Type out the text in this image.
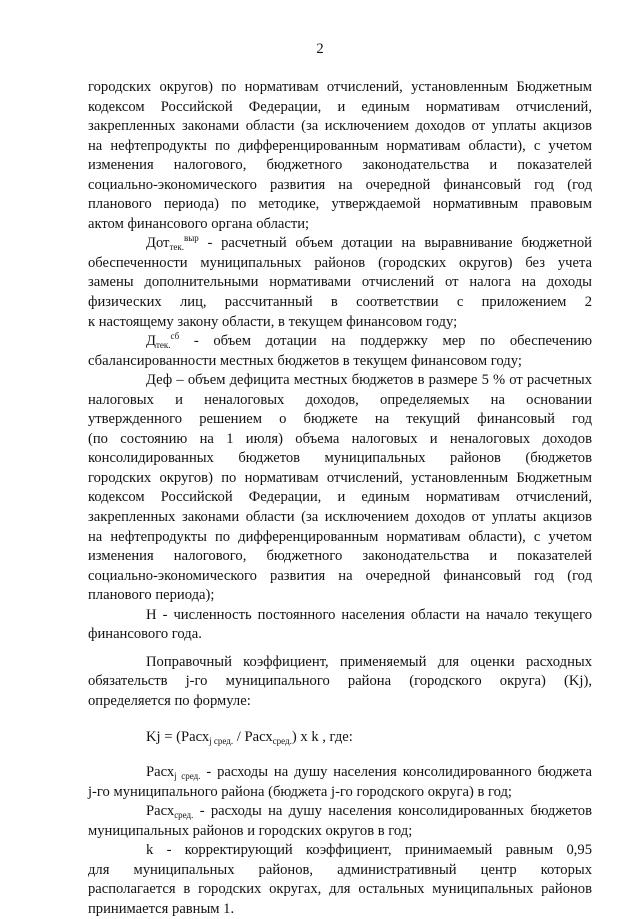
2

городских округов) по нормативам отчислений, установленным Бюджетным

кодексом Российской Федерации, и единым нормативам отчислений,

закрепленных законами области (за исключением доходов от уплаты акцизов

на нефтепродукты по дифференцированным нормативам области), с учетом

изменения налогового, бюджетного законодательства и показателей

социально-экономического развития на очередной финансовый год (год

планового периода) по методике, утверждаемой нормативным правовым

актом финансового органа области;

Дот$_{тек.}^{выр}$ - расчетный объем дотации на выравнивание бюджетной

обеспеченности муниципальных районов (городских округов) без учета

замены дополнительными нормативами отчислений от налога на доходы

физических лиц, рассчитанный в соответствии с приложением 2

к настоящему закону области, в текущем финансовом году;

$Д_{тек.}^{сб}$ - объем дотации на поддержку мер по обеспечению

сбалансированности местных бюджетов в текущем финансовом году;

Деф – объем дефицита местных бюджетов в размере 5 % от расчетных

налоговых и неналоговых доходов, определяемых на основании

утвержденного решением о бюджете на текущий финансовый год

(по состоянию на 1 июля) объема налоговых и неналоговых доходов

консолидированных бюджетов муниципальных районов (бюджетов

городских округов) по нормативам отчислений, установленным Бюджетным

кодексом Российской Федерации, и единым нормативам отчислений,

закрепленных законами области (за исключением доходов от уплаты акцизов

на нефтепродукты по дифференцированным нормативам области), с учетом

изменения налогового, бюджетного законодательства и показателей

социально-экономического развития на очередной финансовый год (год

планового периода);

Н - численность постоянного населения области на начало текущего

финансового года.

Поправочный коэффициент, применяемый для оценки расходных

обязательств j-го муниципального района (городского округа) (Kj),

определяется по формуле:

Kj = (Расх$_{j сред.}$ / Расх$_{сред.}$) x k , где:

Расх$_{j сред.}$ - расходы на душу населения консолидированного бюджета

j-го муниципального района (бюджета j-го городского округа) в год;

Расх$_{сред.}$ - расходы на душу населения консолидированных бюджетов

муниципальных районов и городских округов в год;

k - корректирующий коэффициент, принимаемый равным 0,95

для муниципальных районов, административный центр которых

располагается в городских округах, для остальных муниципальных районов

принимается равным 1.
